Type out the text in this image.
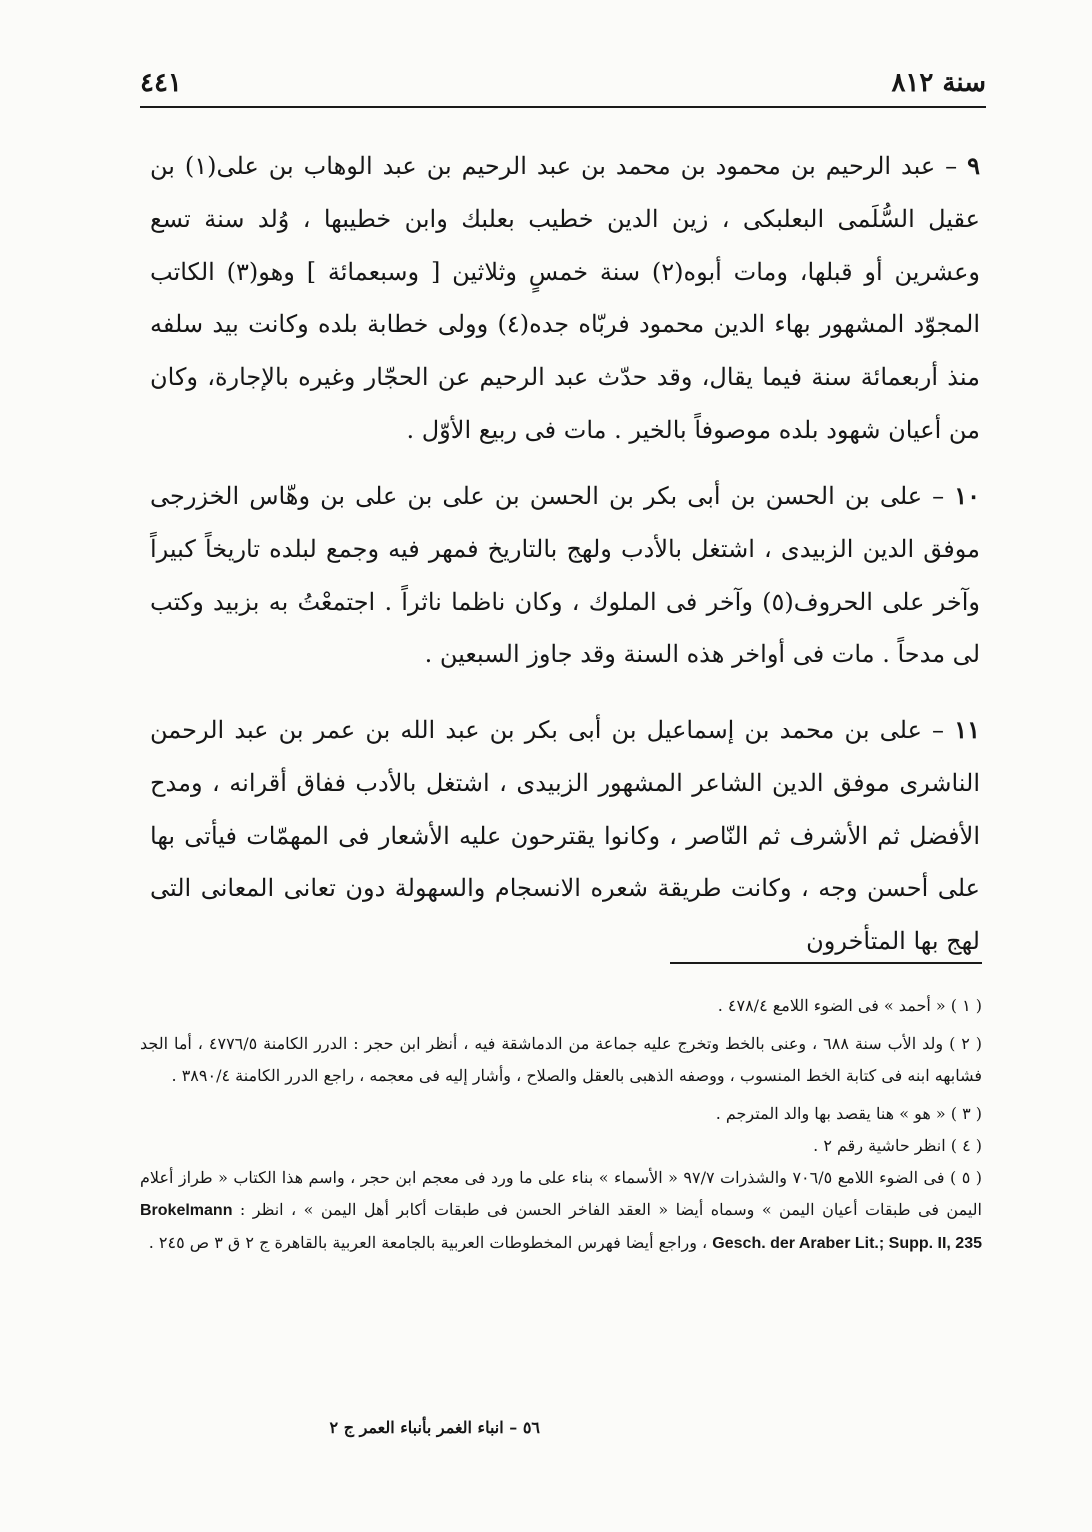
٤٤١	سنة ٨١٢

٩ – عبد الرحيم بن محمود بن محمد بن عبد الرحيم بن عبد الوهاب بن على(١) بن عقيل السُّلَمى البعلبكى ، زين الدين خطيب بعلبك وابن خطيبها ، وُلد سنة تسع وعشرين أو قبلها، ومات أبوه(٢) سنة خمسٍ وثلاثين [ وسبعمائة ] وهو(٣) الكاتب المجوّد المشهور بهاء الدين محمود فربّاه جده(٤) وولى خطابة بلده وكانت بيد سلفه منذ أربعمائة سنة فيما يقال، وقد حدّث عبد الرحيم عن الحجّار وغيره بالإجارة، وكان من أعيان شهود بلده موصوفاً بالخير . مات فى ربيع الأوّل .

١٠ – على بن الحسن بن أبى بكر بن الحسن بن على بن على بن وهّاس الخزرجى موفق الدين الزبيدى ، اشتغل بالأدب ولهج بالتاريخ فمهر فيه وجمع لبلده تاريخاً كبيراً وآخر على الحروف(٥) وآخر فى الملوك ، وكان ناظما ناثراً . اجتمعْتُ به بزبيد وكتب لى مدحاً . مات فى أواخر هذه السنة وقد جاوز السبعين .

١١ – على بن محمد بن إسماعيل بن أبى بكر بن عبد الله بن عمر بن عبد الرحمن الناشرى موفق الدين الشاعر المشهور الزبيدى ، اشتغل بالأدب ففاق أقرانه ، ومدح الأفضل ثم الأشرف ثم النّاصر ، وكانوا يقترحون عليه الأشعار فى المهمّات فيأتى بها على أحسن وجه ، وكانت طريقة شعره الانسجام والسهولة دون تعانى المعانى التى لهج بها المتأخرون

( ١ ) « أحمد » فى الضوء اللامع ٤٧٨/٤ .

( ٢ ) ولد الأب سنة ٦٨٨ ، وعنى بالخط وتخرج عليه جماعة من الدماشقة فيه ، أنظر ابن حجر : الدرر الكامنة ٤٧٧٦/٥ ، أما الجد فشابهه ابنه فى كتابة الخط المنسوب ، ووصفه الذهبى بالعقل والصلاح ، وأشار إليه فى معجمه ، راجع الدرر الكامنة ٣٨٩٠/٤ .

( ٣ ) « هو » هنا يقصد بها والد المترجم .

( ٤ ) انظر حاشية رقم ٢ .

( ٥ ) فى الضوء اللامع ٧٠٦/٥ والشذرات ٩٧/٧ « الأسماء » بناء على ما ورد فى معجم ابن حجر ، واسم هذا الكتاب « طراز أعلام اليمن فى طبقات أعيان اليمن » وسماه أيضا « العقد الفاخر الحسن فى طبقات أكابر أهل اليمن » ، انظر : Brokelmann Gesch. der Araber Lit.; Supp. II, 235 ، وراجع أيضا فهرس المخطوطات العربية بالجامعة العربية بالقاهرة ج ٢ ق ٣ ص ٢٤٥ .

٥٦ – انباء الغمر بأنباء العمر ج ٢
